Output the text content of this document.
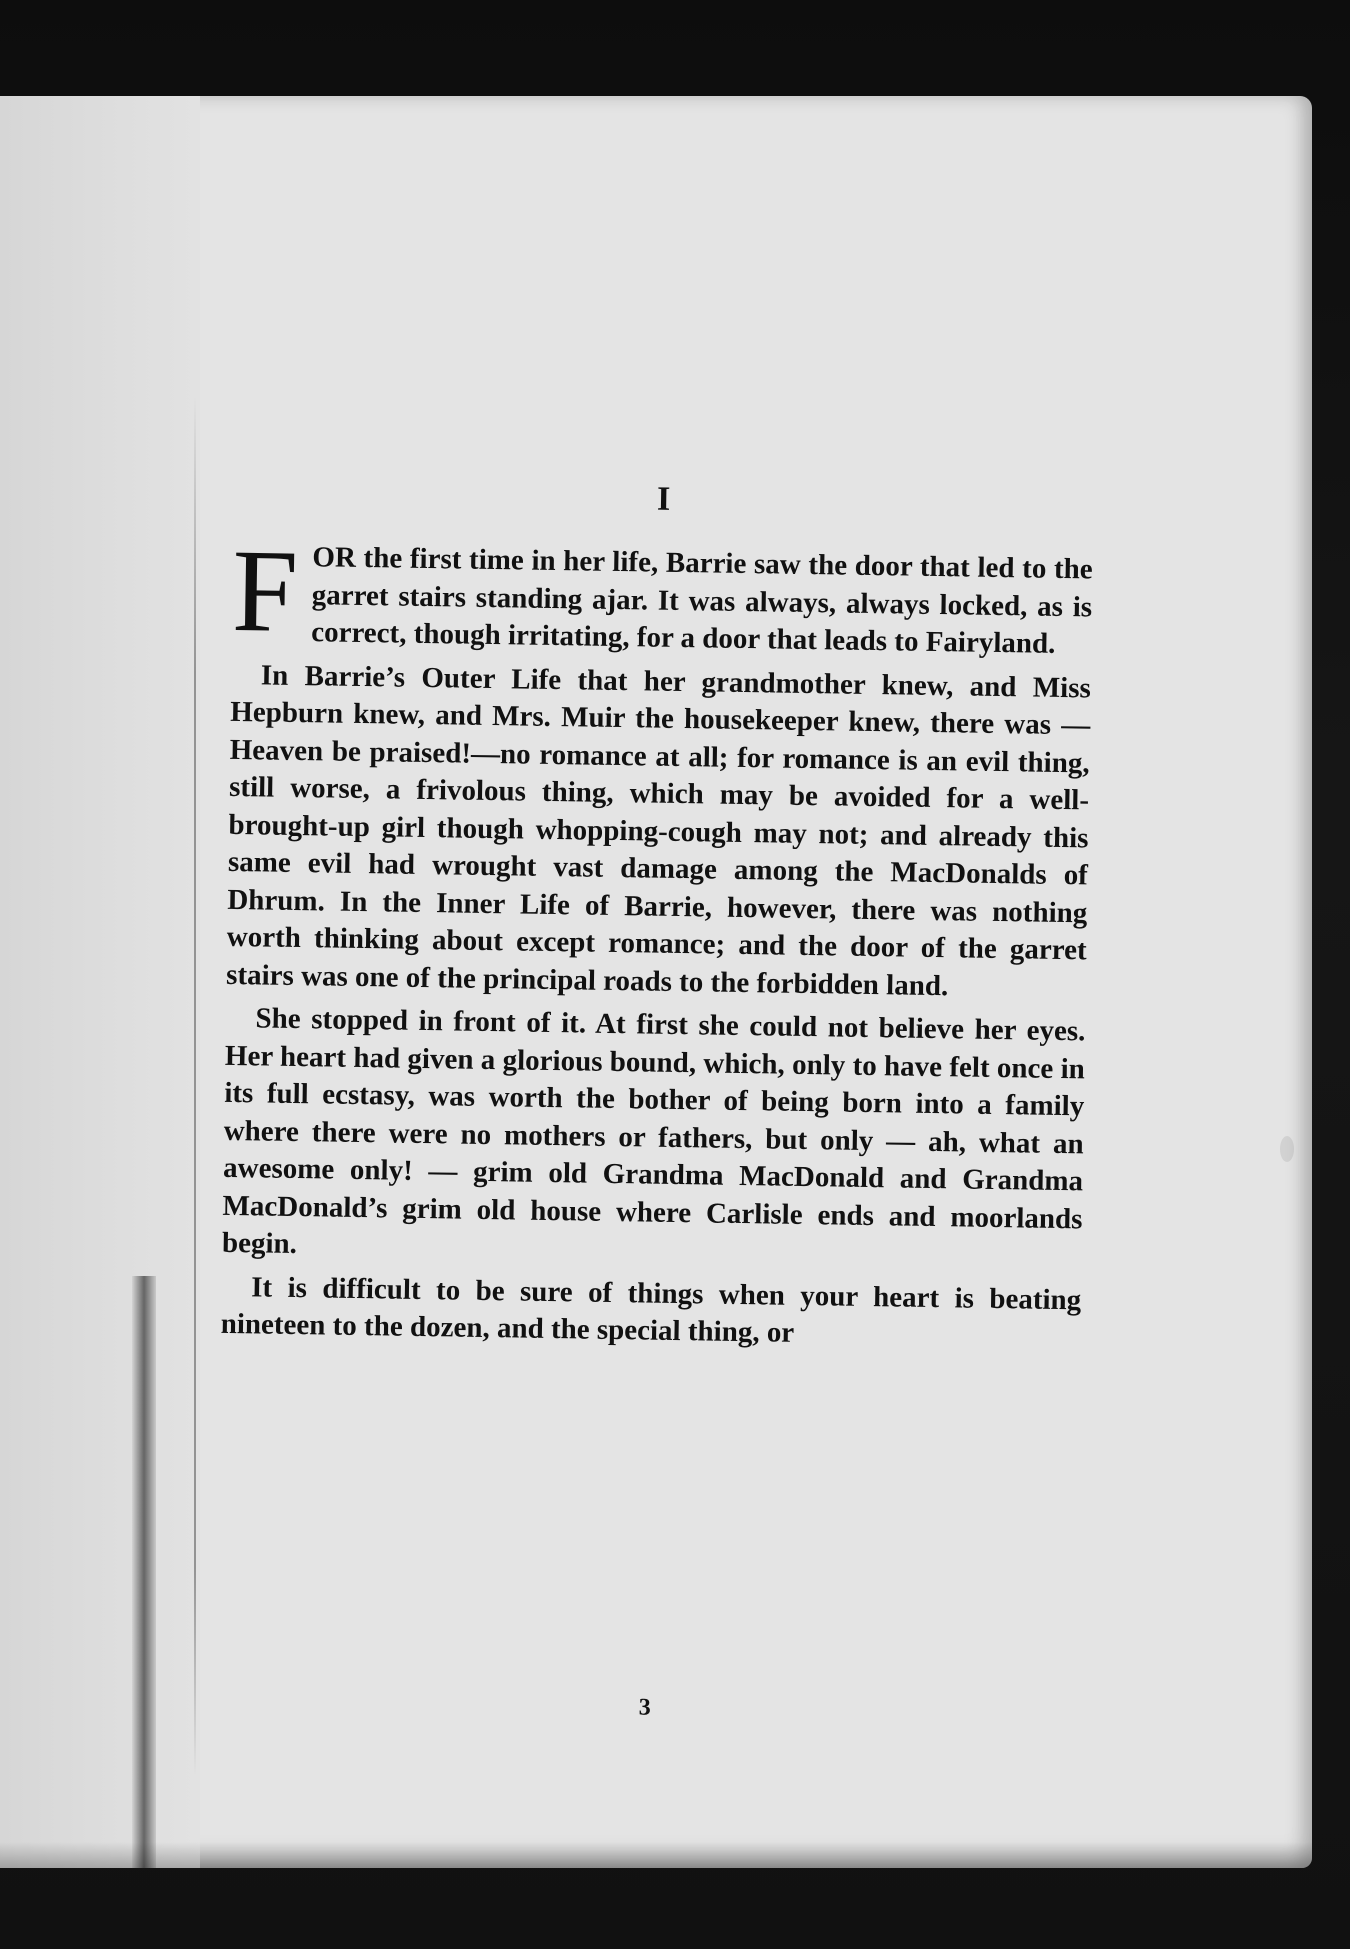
I

FOR the first time in her life, Barrie saw the door that led to the garret stairs standing ajar. It was always, always locked, as is correct, though irritating, for a door that leads to Fairyland.

In Barrie’s Outer Life that her grandmother knew, and Miss Hepburn knew, and Mrs. Muir the housekeeper knew, there was — Heaven be praised!—no romance at all; for romance is an evil thing, still worse, a frivolous thing, which may be avoided for a well-brought-up girl though whopping-cough may not; and already this same evil had wrought vast damage among the MacDonalds of Dhrum. In the Inner Life of Barrie, however, there was nothing worth thinking about except romance; and the door of the garret stairs was one of the principal roads to the forbidden land.

She stopped in front of it. At first she could not believe her eyes. Her heart had given a glorious bound, which, only to have felt once in its full ecstasy, was worth the bother of being born into a family where there were no mothers or fathers, but only — ah, what an awesome only! — grim old Grandma MacDonald and Grandma MacDonald’s grim old house where Carlisle ends and moorlands begin.

It is difficult to be sure of things when your heart is beating nineteen to the dozen, and the special thing, or

3
